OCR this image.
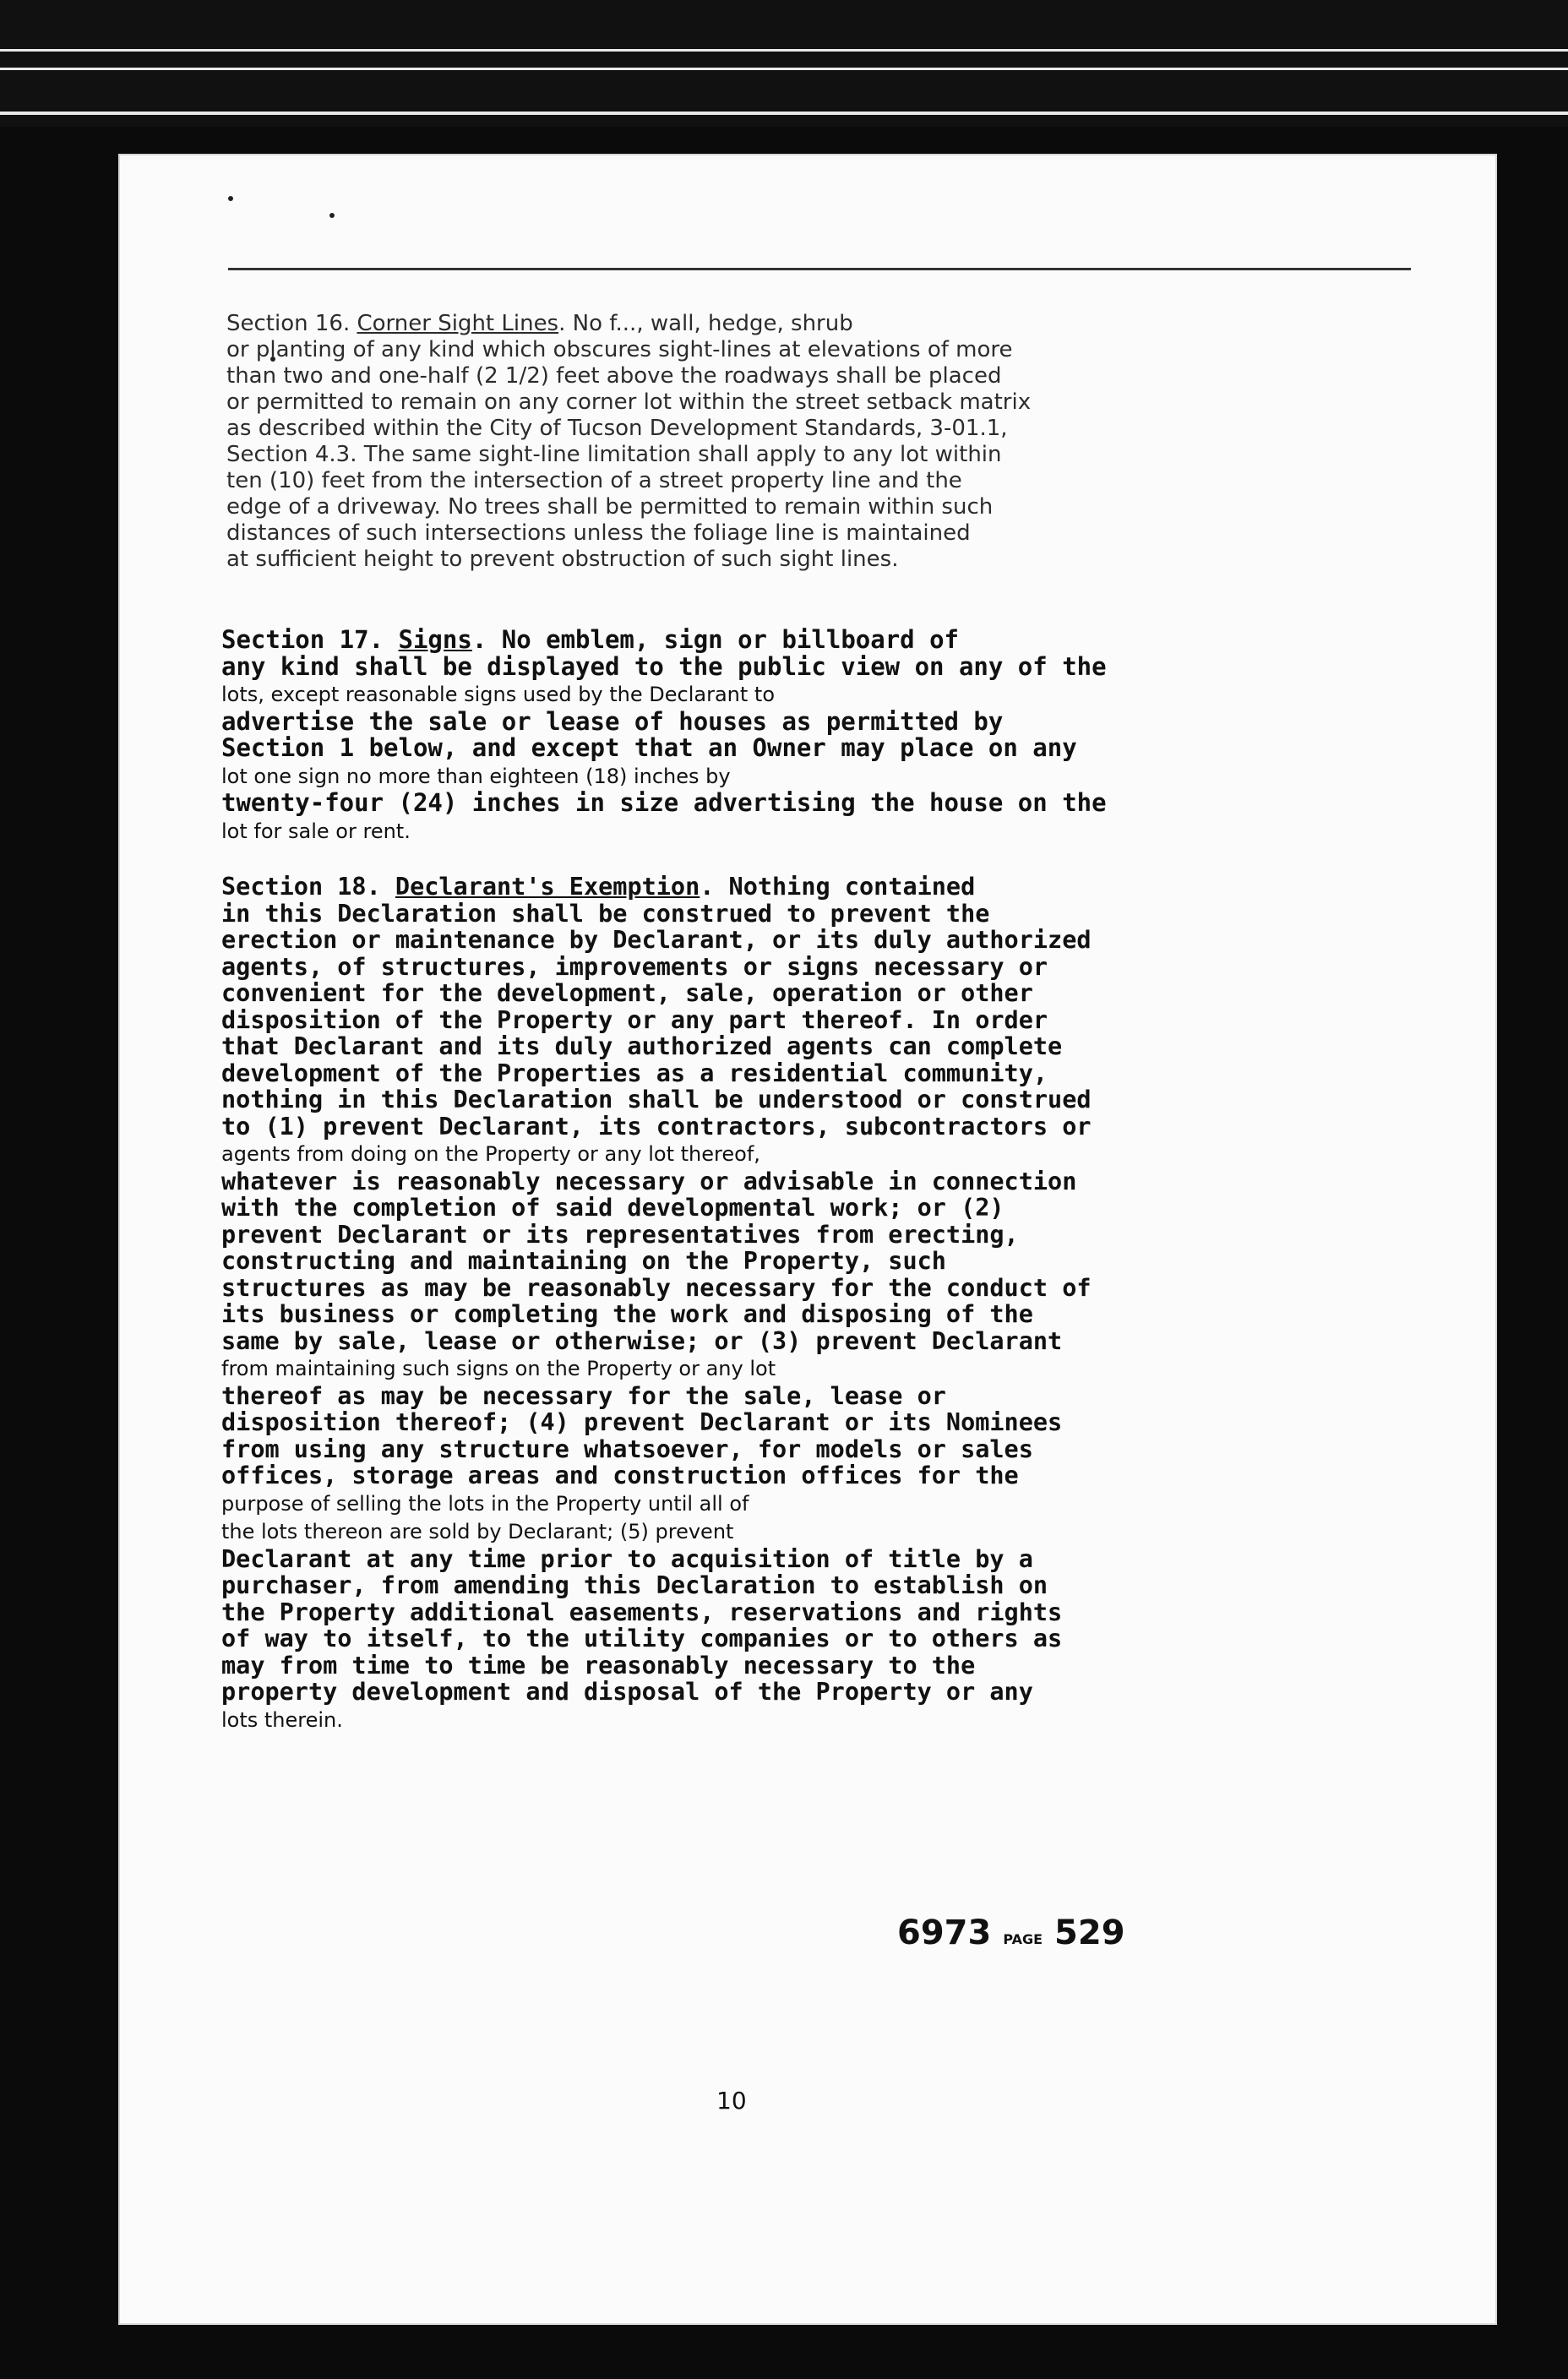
Section 16. Corner Sight Lines. No f..., wall, hedge, shrub
or planting of any kind which obscures sight-lines at elevations of more
than two and one-half (2 1/2) feet above the roadways shall be placed
or permitted to remain on any corner lot within the street setback matrix
as described within the City of Tucson Development Standards, 3-01.1,
Section 4.3. The same sight-line limitation shall apply to any lot within
ten (10) feet from the intersection of a street property line and the
edge of a driveway. No trees shall be permitted to remain within such
distances of such intersections unless the foliage line is maintained
at sufficient height to prevent obstruction of such sight lines.

Section 17. Signs. No emblem, sign or billboard of
any kind shall be displayed to the public view on any of the
lots, except reasonable signs used by the Declarant to
advertise the sale or lease of houses as permitted by
Section 1 below, and except that an Owner may place on any
lot one sign no more than eighteen (18) inches by
twenty-four (24) inches in size advertising the house on the
lot for sale or rent.

Section 18. Declarant's Exemption. Nothing contained
in this Declaration shall be construed to prevent the
erection or maintenance by Declarant, or its duly authorized
agents, of structures, improvements or signs necessary or
convenient for the development, sale, operation or other
disposition of the Property or any part thereof. In order
that Declarant and its duly authorized agents can complete
development of the Properties as a residential community,
nothing in this Declaration shall be understood or construed
to (1) prevent Declarant, its contractors, subcontractors or
agents from doing on the Property or any lot thereof,
whatever is reasonably necessary or advisable in connection
with the completion of said developmental work; or (2)
prevent Declarant or its representatives from erecting,
constructing and maintaining on the Property, such
structures as may be reasonably necessary for the conduct of
its business or completing the work and disposing of the
same by sale, lease or otherwise; or (3) prevent Declarant
from maintaining such signs on the Property or any lot
thereof as may be necessary for the sale, lease or
disposition thereof; (4) prevent Declarant or its Nominees
from using any structure whatsoever, for models or sales
offices, storage areas and construction offices for the
purpose of selling the lots in the Property until all of
the lots thereon are sold by Declarant; (5) prevent
Declarant at any time prior to acquisition of title by a
purchaser, from amending this Declaration to establish on
the Property additional easements, reservations and rights
of way to itself, to the utility companies or to others as
may from time to time be reasonably necessary to the
property development and disposal of the Property or any
lots therein.

6973 PAGE 529
10
